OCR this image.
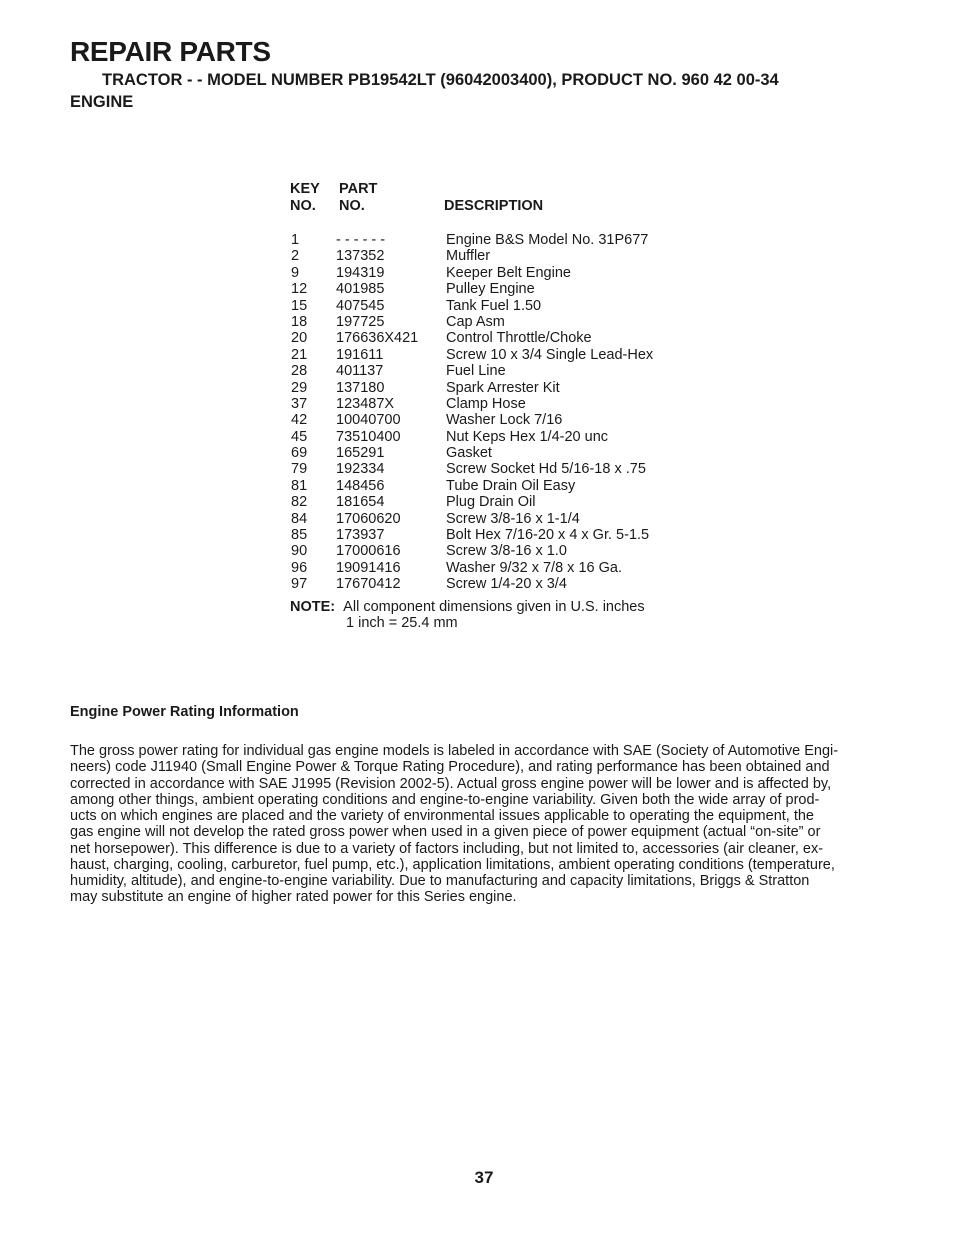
REPAIR PARTS
TRACTOR - - MODEL NUMBER PB19542LT (96042003400), PRODUCT NO. 960 42 00-34
ENGINE
KEY
NO.
PART
NO.	DESCRIPTION
1	- - - - - -	Engine B&S Model No. 31P677
2	137352	Muffler
9	194319	Keeper Belt Engine
12 401985	Pulley Engine
15 407545	Tank Fuel 1.50
18 197725	Cap Asm
20 176636X421 Control Throttle/Choke
21 191611	Screw 10 x 3/4 Single Lead-Hex
28 401137	Fuel Line
29 137180	Spark Arrester Kit
37 123487X	Clamp Hose
42 10040700	Washer Lock 7/16
45 73510400	Nut Keps Hex 1/4-20 unc
69 165291	Gasket
79 192334	Screw Socket Hd 5/16-18 x .75
81 148456	Tube Drain Oil Easy
82 181654	Plug Drain Oil
84 17060620	Screw 3/8-16 x 1-1/4
85 173937	Bolt Hex 7/16-20 x 4 x Gr. 5-1.5
90 17000616	Screw 3/8-16 x 1.0
96 19091416	Washer 9/32 x 7/8 x 16 Ga.
97 17670412	Screw 1/4-20 x 3/4
NOTE: All component dimensions given in U.S. inches
1 inch = 25.4 mm
Engine Power Rating Information
The gross power rating for individual gas engine models is labeled in accordance with SAE (Society of Automotive Engi-
neers) code J11940 (Small Engine Power & Torque Rating Procedure), and rating performance has been obtained and
corrected in accordance with SAE J1995 (Revision 2002-5). Actual gross engine power will be lower and is affected by,
among other things, ambient operating conditions and engine-to-engine variability. Given both the wide array of prod-
ucts on which engines are placed and the variety of environmental issues applicable to operating the equipment, the
gas engine will not develop the rated gross power when used in a given piece of power equipment (actual “on-site” or
net horsepower). This difference is due to a variety of factors including, but not limited to, accessories (air cleaner, ex-
haust, charging, cooling, carburetor, fuel pump, etc.), application limitations, ambient operating conditions (temperature,
humidity, altitude), and engine-to-engine variability. Due to manufacturing and capacity limitations, Briggs & Stratton
may substitute an engine of higher rated power for this Series engine.
37
